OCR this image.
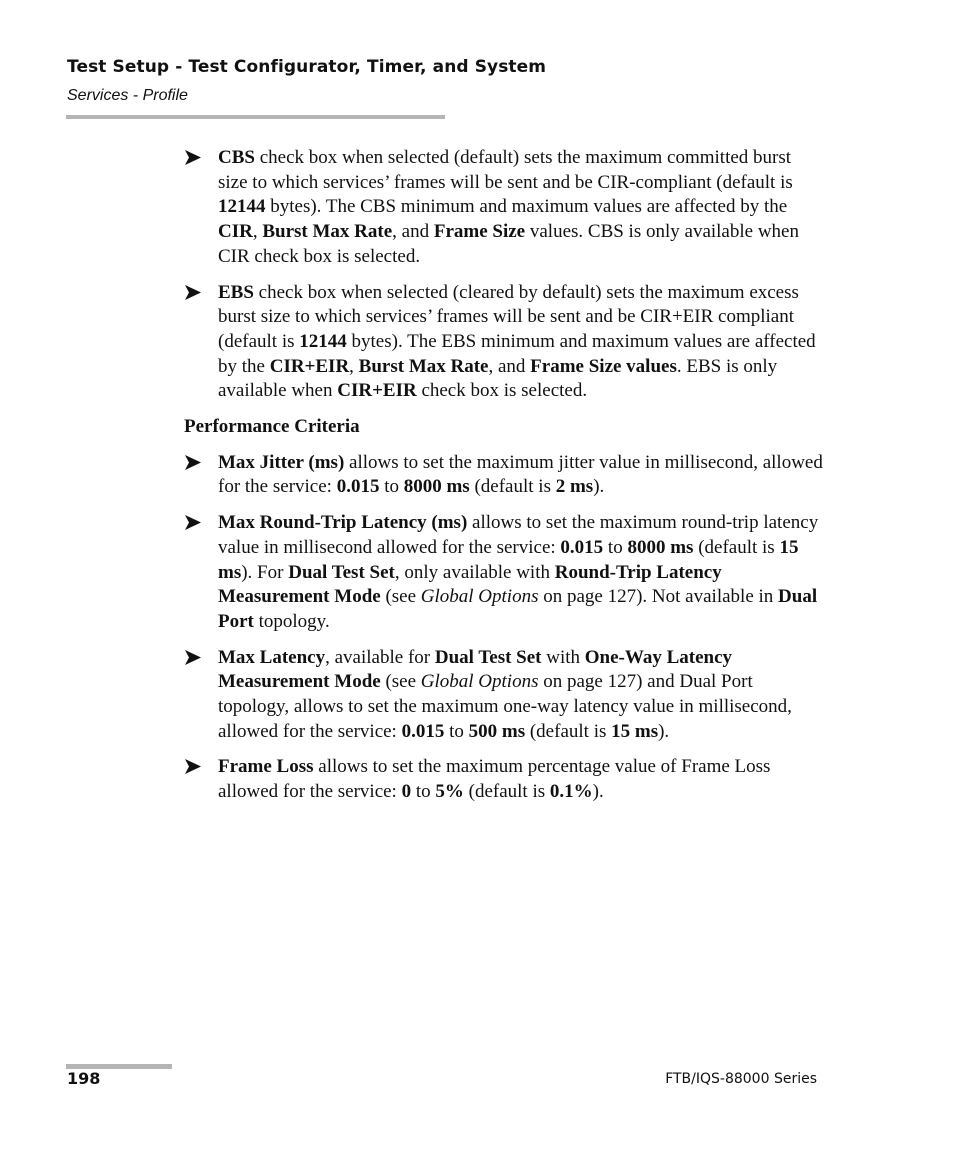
Test Setup - Test Configurator, Timer, and System
Services - Profile
CBS check box when selected (default) sets the maximum committed burst size to which services’ frames will be sent and be CIR-compliant (default is 12144 bytes). The CBS minimum and maximum values are affected by the CIR, Burst Max Rate, and Frame Size values. CBS is only available when CIR check box is selected.
EBS check box when selected (cleared by default) sets the maximum excess burst size to which services’ frames will be sent and be CIR+EIR compliant (default is 12144 bytes). The EBS minimum and maximum values are affected by the CIR+EIR, Burst Max Rate, and Frame Size values. EBS is only available when CIR+EIR check box is selected.
Performance Criteria
Max Jitter (ms) allows to set the maximum jitter value in millisecond, allowed for the service: 0.015 to 8000 ms (default is 2 ms).
Max Round-Trip Latency (ms) allows to set the maximum round-trip latency value in millisecond allowed for the service: 0.015 to 8000 ms (default is 15 ms). For Dual Test Set, only available with Round-Trip Latency Measurement Mode (see Global Options on page 127). Not available in Dual Port topology.
Max Latency, available for Dual Test Set with One-Way Latency Measurement Mode (see Global Options on page 127) and Dual Port topology, allows to set the maximum one-way latency value in millisecond, allowed for the service: 0.015 to 500 ms (default is 15 ms).
Frame Loss allows to set the maximum percentage value of Frame Loss allowed for the service: 0 to 5% (default is 0.1%).
198	FTB/IQS-88000 Series
